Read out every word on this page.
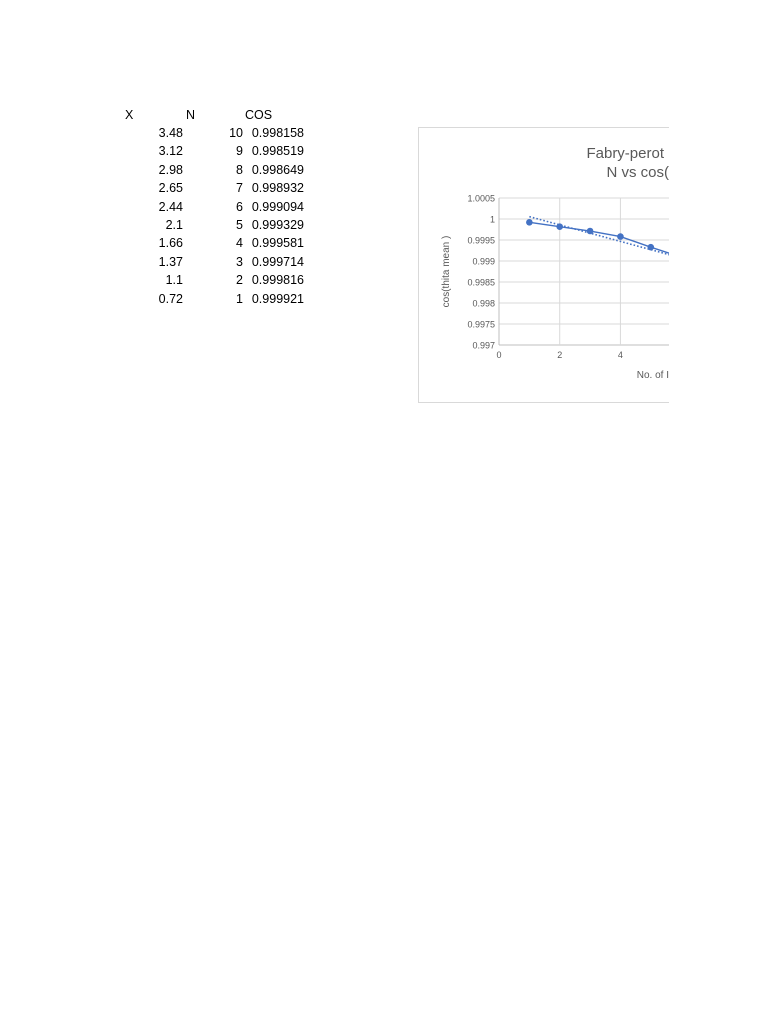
X	N	COS
3.48	10 0.998158
3.12	9 0.998519
2.98	8 0.998649
2.65	7 0.998932
2.44	6 0.999094
2.1	5 0.999329
1.66	4 0.999581
1.37	3 0.999714
1.1	2 0.999816
0.72	1 0.999921
Fabry-perot
N vs cos(
cos(thita mean )
No. of I
0.997
0.9975
0.998
0.9985
0.999
0.9995
1
1.0005
0	2	4
